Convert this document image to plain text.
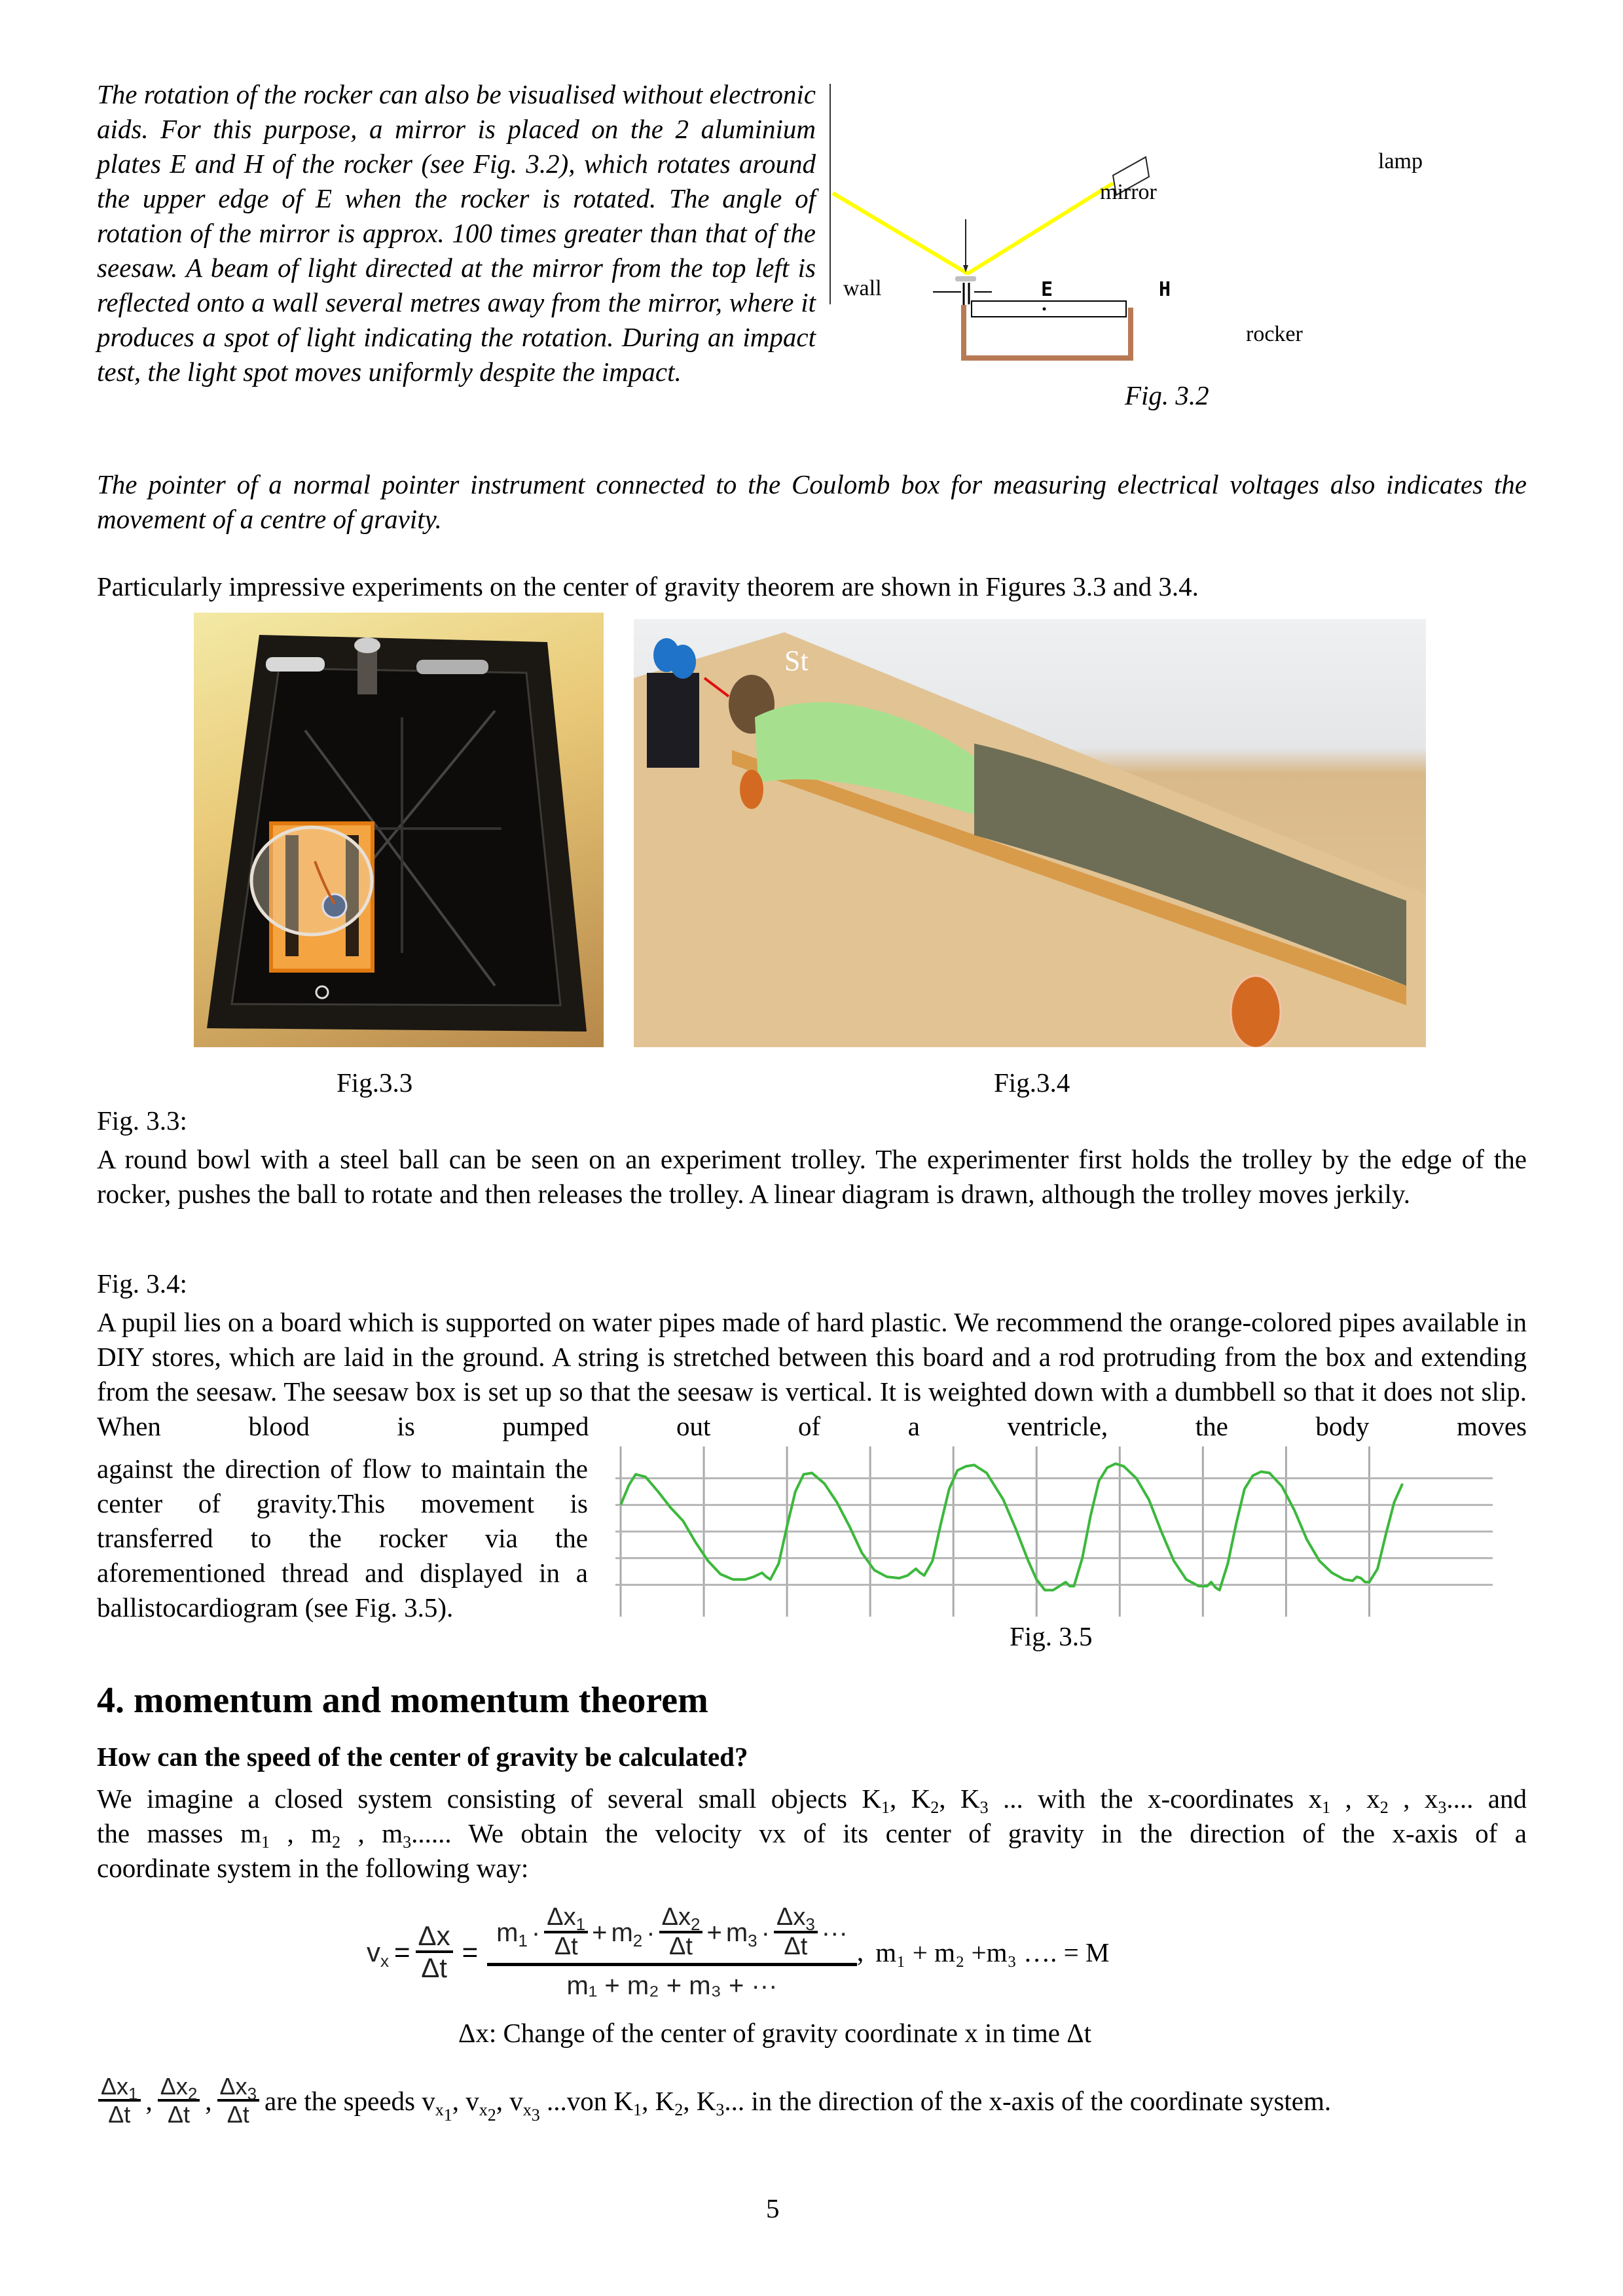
The rotation of the rocker can also be visualised without electronic aids. For this purpose, a mirror is placed on the 2 aluminium plates E and H of the rocker (see Fig. 3.2), which rotates around the upper edge of E when the rocker is rotated. The angle of rotation of the mirror is approx. 100 times greater than that of the seesaw. A beam of light directed at the mirror from the top left is reflected onto a wall several metres away from the mirror, where it produces a spot of light indicating the rotation. During an impact test, the light spot moves uniformly despite the impact.

wall
mirror
lamp
E	H
rocker
Fig. 3.2

The pointer of a normal pointer instrument connected to the Coulomb box for measuring electrical voltages also indicates the movement of a centre of gravity.

Particularly impressive experiments on the center of gravity theorem are shown in Figures 3.3 and 3.4.

St
Fig.3.3	Fig.3.4

Fig. 3.3:

A round bowl with a steel ball can be seen on an experiment trolley. The experimenter first holds the trolley by the edge of the rocker, pushes the ball to rotate and then releases the trolley. A linear diagram is drawn, although the trolley moves jerkily.

Fig. 3.4:

A pupil lies on a board which is supported on water pipes made of hard plastic. We recommend the orange-colored pipes available in DIY stores, which are laid in the ground. A string is stretched between this board and a rod protruding from the box and extending from the seesaw. The seesaw box is set up so that the seesaw is vertical. It is weighted down with a dumbbell so that it does not slip. When blood is pumped out of a ventricle, the body moves

against the direction of flow to maintain the center of gravity.This movement is transferred to the rocker via the aforementioned thread and displayed in a ballistocardiogram (see Fig. 3.5).

Fig. 3.5
4. momentum and momentum theorem
How can the speed of the center of gravity be calculated?

We imagine a closed system consisting of several small objects $K_1$, $K_2$, $K_3$ ... with the x-coordinates $x_1$ , $x_2$ , $x_3$.... and

the masses $m_1$ , $m_2$ , $m_3$...... We obtain the velocity vx of its center of gravity in the direction of the x-axis of a

coordinate system in the following way:

$v_x = \frac{\Delta x}{\Delta t}$ =
$m_1 \cdot \frac{\Delta x_1}{\Delta t} + m_2 \cdot \frac{\Delta x_2}{\Delta t} + m_3 \cdot \frac{\Delta x_3}{\Delta t}$ ···
m₁ + m₂ + m₃ + ···
, m₁ + m₂ +m₃ …. = M
Δx: Change of the center of gravity coordinate x in time Δt
$\frac{\Delta x_1}{\Delta t}$ , $\frac{\Delta x_2}{\Delta t}$ , $\frac{\Delta x_3}{\Delta t}$ are the speeds $v_{x_1}$, $v_{x_2}$, $v_{x_3}$ ...von $K_1$, $K_2$, $K_3$... in the direction of the x-axis of the coordinate system.
5
